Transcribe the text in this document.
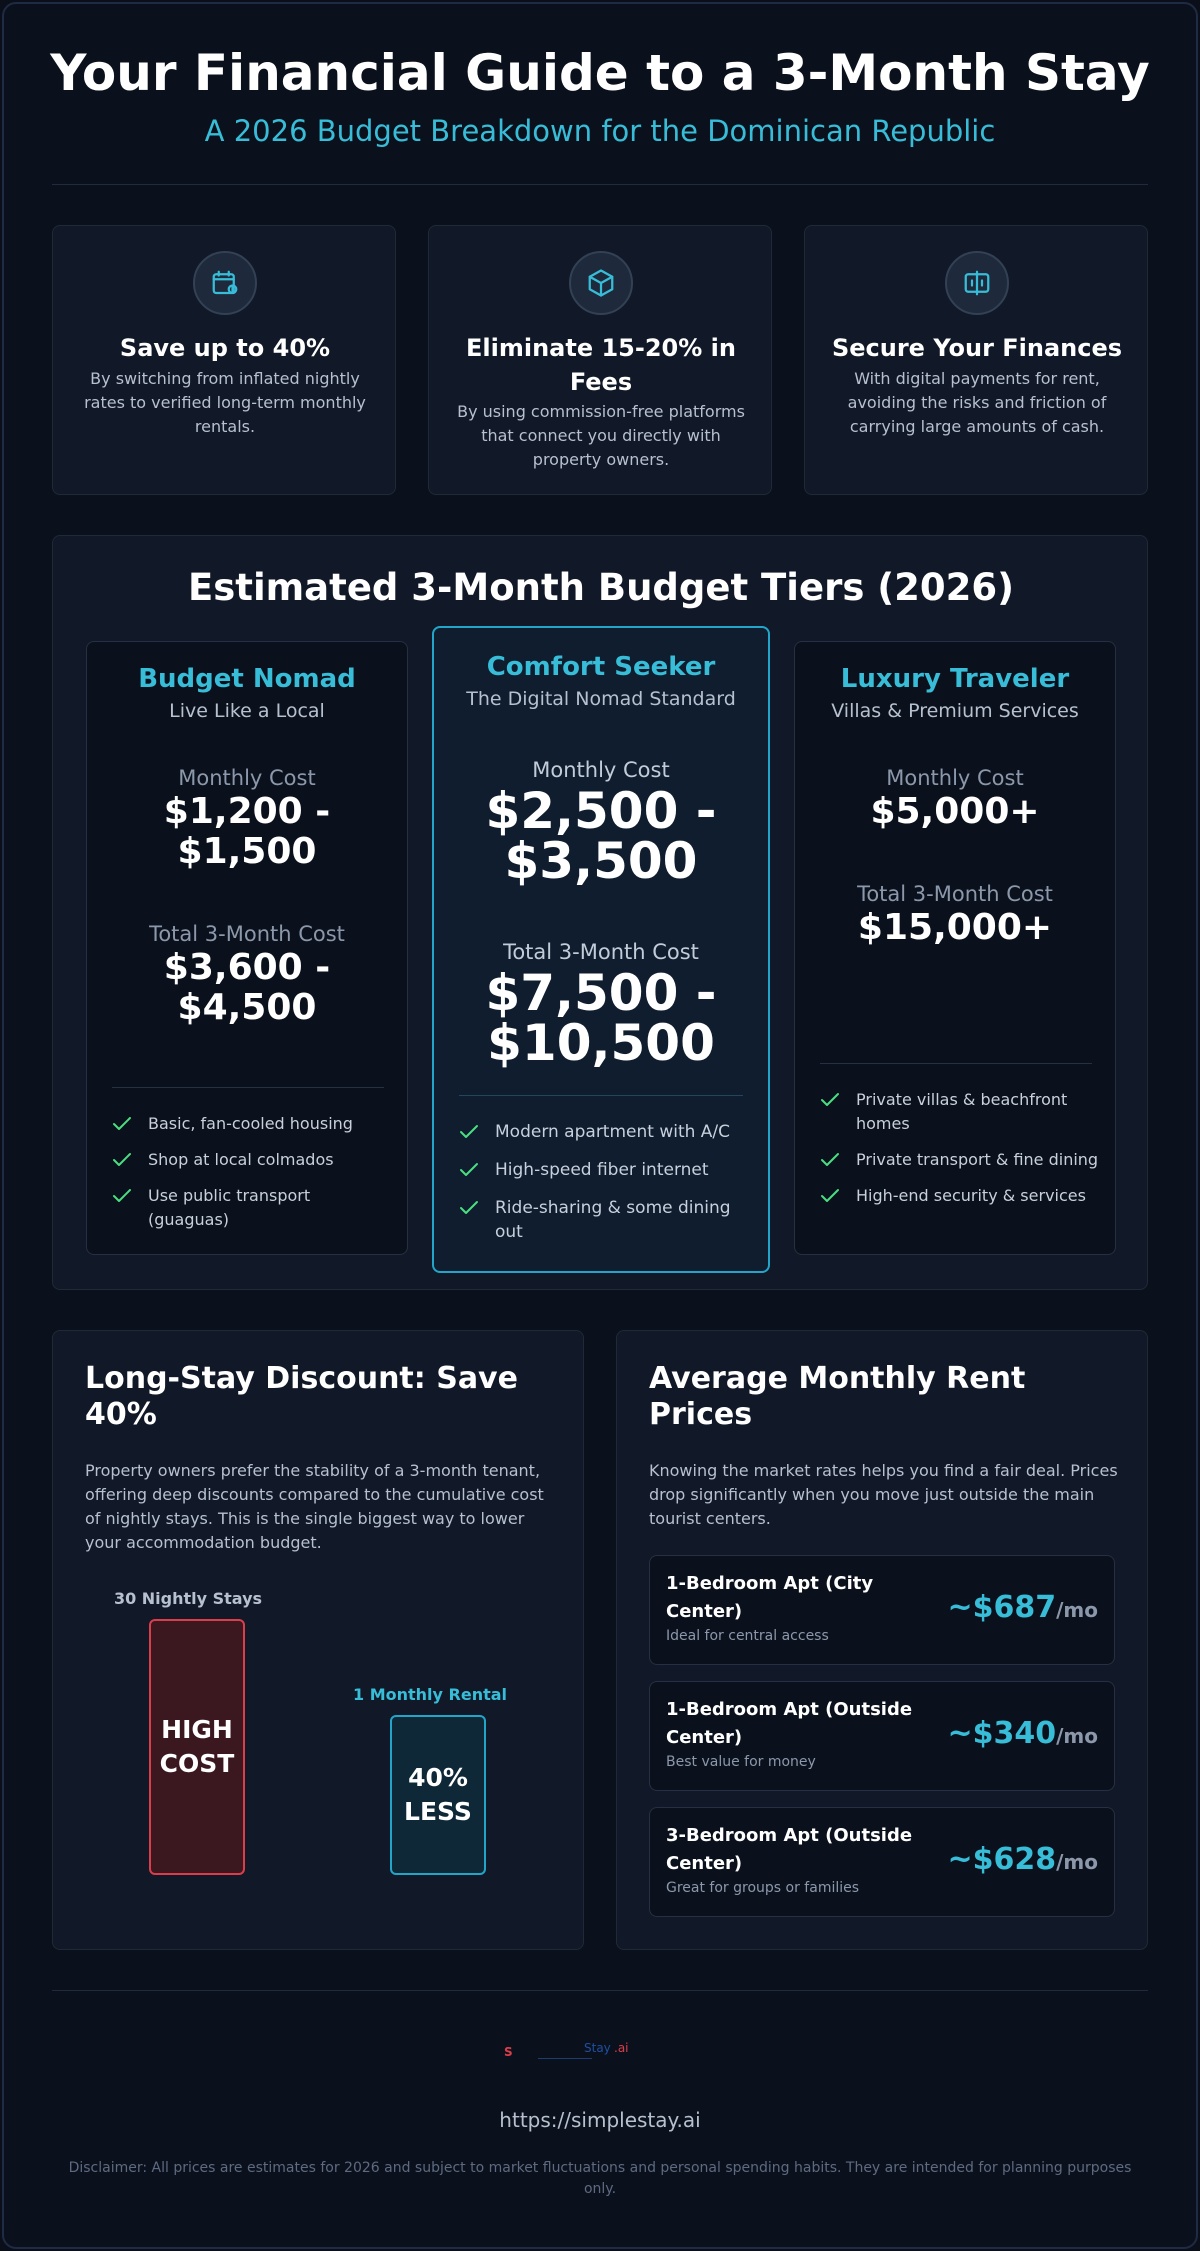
Your Financial Guide to a 3-Month Stay
A 2026 Budget Breakdown for the Dominican Republic
Save up to 40%
By switching from inflated nightly rates to verified long-term monthly rentals.
Eliminate 15-20% in Fees
By using commission-free platforms that connect you directly with property owners.
Secure Your Finances
With digital payments for rent, avoiding the risks and friction of carrying large amounts of cash.
Estimated 3-Month Budget Tiers (2026)
Budget Nomad
Live Like a Local
Monthly Cost
$1,200 -
$1,500
Total 3-Month Cost
$3,600 -
$4,500
Basic, fan-cooled housing
Shop at local colmados
Use public transport (guaguas)
Comfort Seeker
The Digital Nomad Standard
Monthly Cost
$2,500 -
$3,500
Total 3-Month Cost
$7,500 -
$10,500
Modern apartment with A/C
High-speed fiber internet
Ride-sharing & some dining out
Luxury Traveler
Villas & Premium Services
Monthly Cost
$5,000+
Total 3-Month Cost
$15,000+
Private villas & beachfront homes
Private transport & fine dining
High-end security & services
Long-Stay Discount: Save 40%

Property owners prefer the stability of a 3-month tenant, offering deep discounts compared to the cumulative cost of nightly stays. This is the single biggest way to lower your accommodation budget.

30 Nightly Stays
HIGH COST
1 Monthly Rental
40% LESS
Average Monthly Rent Prices

Knowing the market rates helps you find a fair deal. Prices drop significantly when you move just outside the main tourist centers.

1-Bedroom Apt (City Center)
Ideal for central access
~$687/mo
1-Bedroom Apt (Outside Center)
Best value for money
~$340/mo
3-Bedroom Apt (Outside Center)
Great for groups or families
~$628/mo
S	Stay .ai
https://simplestay.ai

Disclaimer: All prices are estimates for 2026 and subject to market fluctuations and personal spending habits. They are intended for planning purposes only.
